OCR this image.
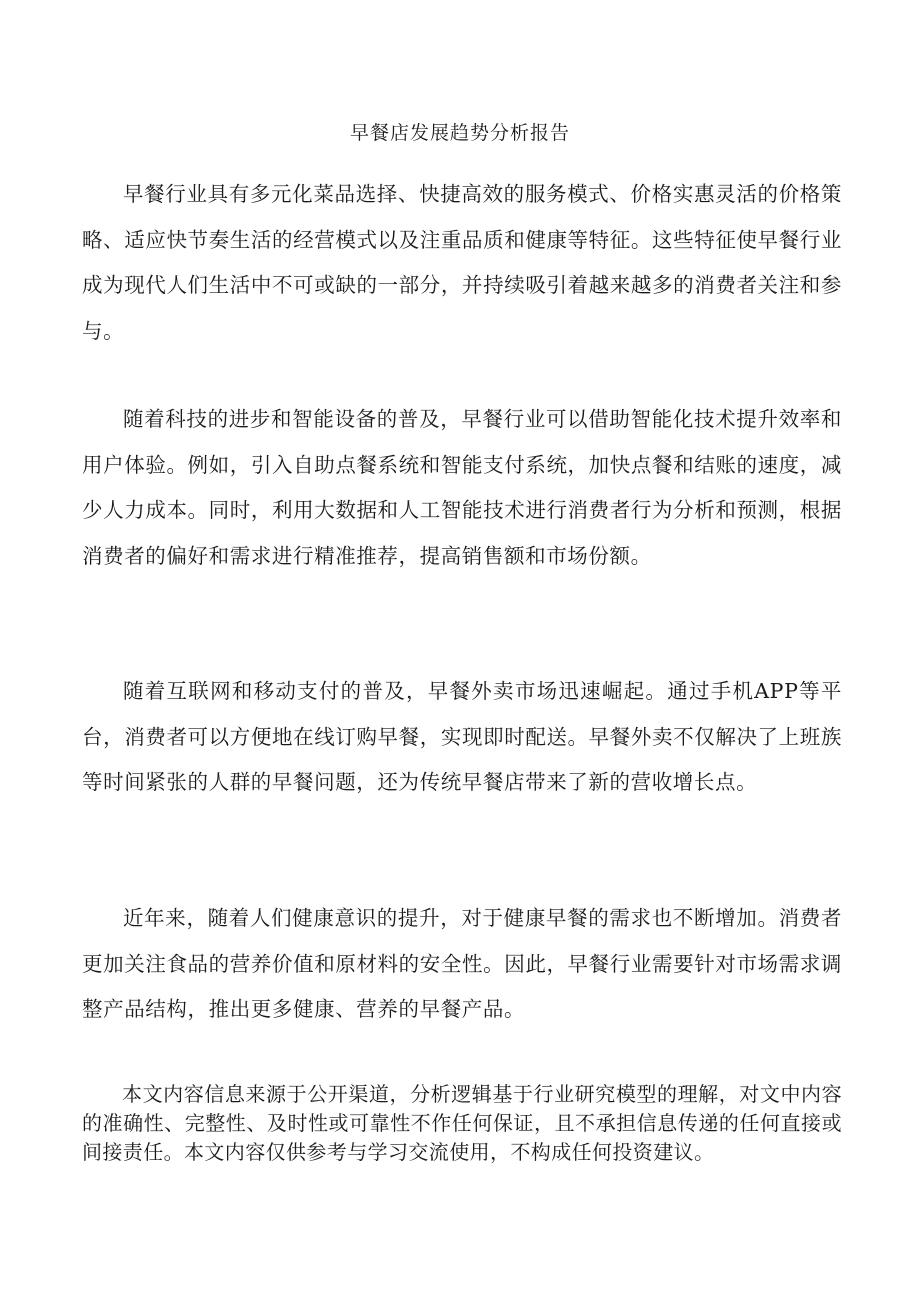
早餐店发展趋势分析报告

早餐行业具有多元化菜品选择、快捷高效的服务模式、价格实惠灵活的价格策略、适应快节奏生活的经营模式以及注重品质和健康等特征。这些特征使早餐行业成为现代人们生活中不可或缺的一部分，并持续吸引着越来越多的消费者关注和参与。

随着科技的进步和智能设备的普及，早餐行业可以借助智能化技术提升效率和用户体验。例如，引入自助点餐系统和智能支付系统，加快点餐和结账的速度，减少人力成本。同时，利用大数据和人工智能技术进行消费者行为分析和预测，根据消费者的偏好和需求进行精准推荐，提高销售额和市场份额。

随着互联网和移动支付的普及，早餐外卖市场迅速崛起。通过手机APP等平台，消费者可以方便地在线订购早餐，实现即时配送。早餐外卖不仅解决了上班族等时间紧张的人群的早餐问题，还为传统早餐店带来了新的营收增长点。

近年来，随着人们健康意识的提升，对于健康早餐的需求也不断增加。消费者更加关注食品的营养价值和原材料的安全性。因此，早餐行业需要针对市场需求调整产品结构，推出更多健康、营养的早餐产品。

本文内容信息来源于公开渠道，分析逻辑基于行业研究模型的理解，对文中内容的准确性、完整性、及时性或可靠性不作任何保证，且不承担信息传递的任何直接或间接责任。本文内容仅供参考与学习交流使用，不构成任何投资建议。
